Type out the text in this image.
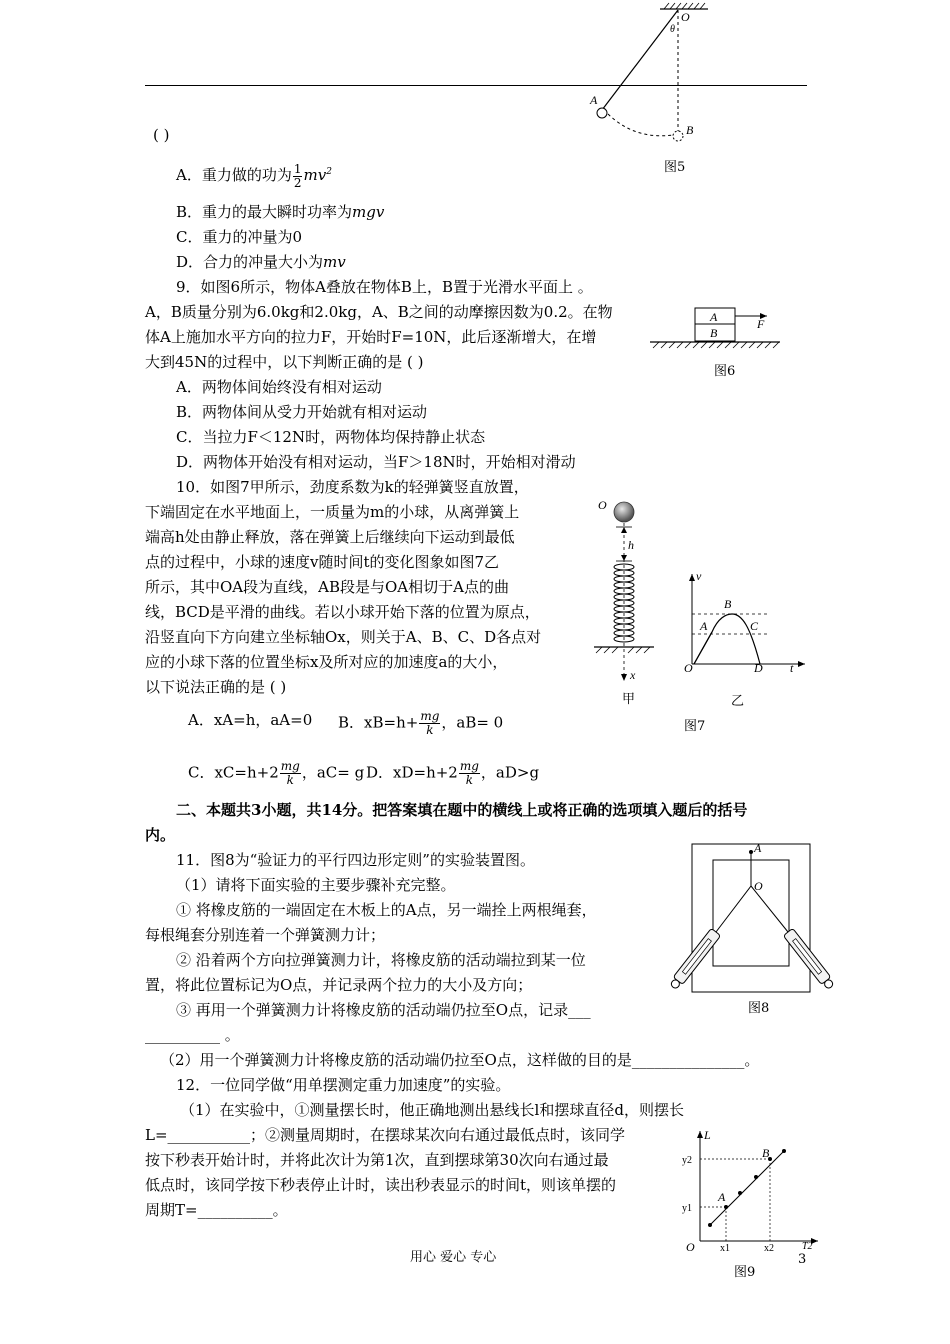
O
θ
A
B
图5
( )
A．重力做的功为 $\frac{1}{2} mv^2$
B．重力的最大瞬时功率为mgv
C．重力的冲量为0
D．合力的冲量大小为mv
9．如图6所示，物体A叠放在物体B上，B置于光滑水平面上 。
A，B质量分别为6.0kg和2.0kg，A、B之间的动摩擦因数为0.2。在物
体A上施加水平方向的拉力F，开始时F=10N，此后逐渐增大，在增
大到45N的过程中，以下判断正确的是 ( )
A．两物体间始终没有相对运动
B．两物体间从受力开始就有相对运动
C．当拉力F＜12N时，两物体均保持静止状态
D．两物体开始没有相对运动，当F＞18N时，开始相对滑动
A
B
F
图6
10．如图7甲所示，劲度系数为k的轻弹簧竖直放置，
下端固定在水平地面上，一质量为m的小球，从离弹簧上
端高h处由静止释放，落在弹簧上后继续向下运动到最低
点的过程中，小球的速度v随时间t的变化图象如图7乙
所示，其中OA段为直线，AB段是与OA相切于A点的曲
线，BCD是平滑的曲线。若以小球开始下落的位置为原点，
沿竖直向下方向建立坐标轴Ox，则关于A、B、C、D各点对
应的小球下落的位置坐标x及所对应的加速度a的大小，
以下说法正确的是 ( )
A．xA=h，aA=0 B．$xB=h+ \frac{mg}{k}$ ，aB= 0
C．$xC=h+2 \frac{mg}{k}$ ，aC= g D．$xD=h+2 \frac{mg}{k}$ ，aD>g
O
h
x
甲
v
B
A	C
D
O	t
乙
图7
二、本题共3小题，共14分。把答案填在题中的横线上或将正确的选项填入题后的括号
内。
11．图8为“验证力的平行四边形定则”的实验装置图。
（1）请将下面实验的主要步骤补充完整。
① 将橡皮筋的一端固定在木板上的A点，另一端拴上两根绳套，
每根绳套分别连着一个弹簧测力计；
② 沿着两个方向拉弹簧测力计，将橡皮筋的活动端拉到某一位
置，将此位置标记为O点，并记录两个拉力的大小及方向；
③ 再用一个弹簧测力计将橡皮筋的活动端仍拉至O点，记录___
__________ 。
（2）用一个弹簧测力计将橡皮筋的活动端仍拉至O点，这样做的目的是_______________。
A
O
图8
12．一位同学做“用单摆测定重力加速度”的实验。
（1）在实验中，①测量摆长时，他正确地测出悬线长l和摆球直径d，则摆长
L=___________；②测量周期时，在摆球某次向右通过最低点时，该同学
按下秒表开始计时，并将此次计为第1次，直到摆球第30次向右通过最
低点时，该同学按下秒表停止计时，读出秒表显示的时间t，则该单摆的
周期T=__________。
L
y2
y1
B
A
O	x1	x2	T2
图9
用心 爱心 专心	3
